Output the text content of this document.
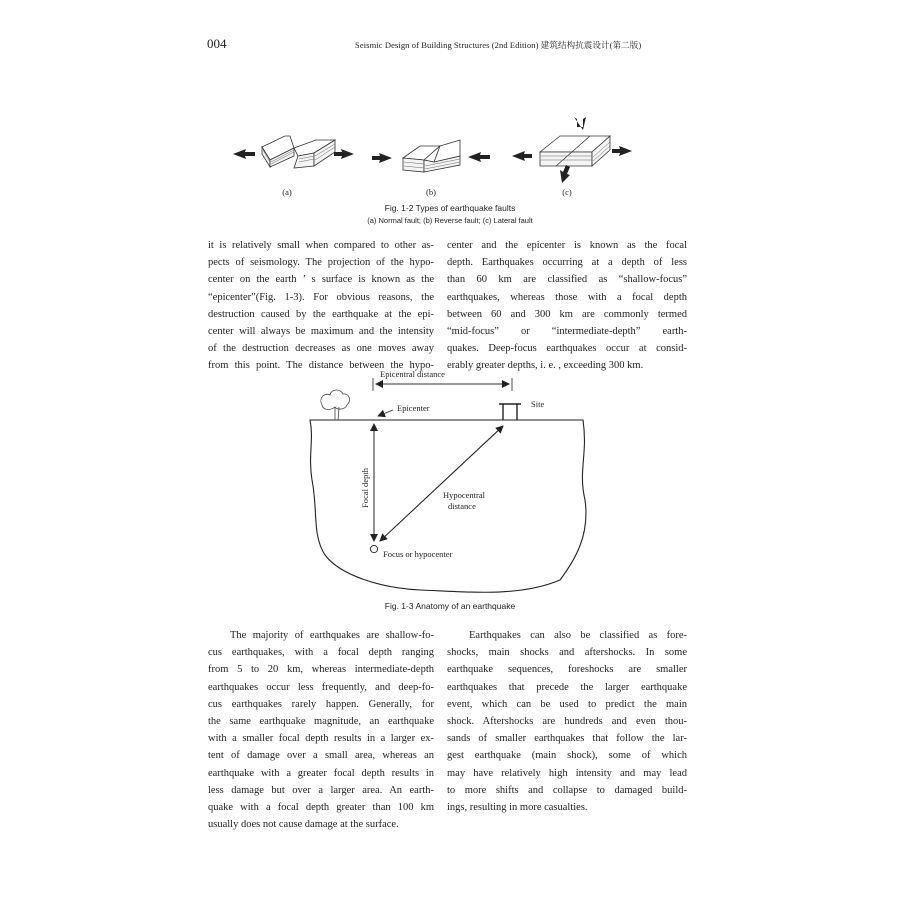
004	Seismic Design of Building Structures (2nd Edition) 建筑结构抗震设计(第二版)
(a)	(b)	(c)
Epicentral distance
Epicenter	Site
Focal depth	Hypocentral
distance
Focus or hypocenter
Fig. 1-2 Types of earthquake faults
(a) Normal fault; (b) Reverse fault; (c) Lateral fault
Fig. 1-3 Anatomy of an earthquake
it is relatively small when compared to other as-
pects of seismology. The projection of the hypo-
center on the earth ’ s surface is known as the
“epicenter”(Fig. 1-3). For obvious reasons, the
destruction caused by the earthquake at the epi-
center will always be maximum and the intensity
of the destruction decreases as one moves away
from this point. The distance between the hypo-
center and the epicenter is known as the focal
depth. Earthquakes occurring at a depth of less
than 60 km are classified as “shallow-focus”
earthquakes, whereas those with a focal depth
between 60 and 300 km are commonly termed
“mid-focus” or “intermediate-depth” earth-
quakes. Deep-focus earthquakes occur at consid-
erably greater depths, i. e. , exceeding 300 km.
The majority of earthquakes are shallow-fo-
cus earthquakes, with a focal depth ranging
from 5 to 20 km, whereas intermediate-depth
earthquakes occur less frequently, and deep-fo-
cus earthquakes rarely happen. Generally, for
the same earthquake magnitude, an earthquake
with a smaller focal depth results in a larger ex-
tent of damage over a small area, whereas an
earthquake with a greater focal depth results in
less damage but over a larger area. An earth-
quake with a focal depth greater than 100 km
usually does not cause damage at the surface.
Earthquakes can also be classified as fore-
shocks, main shocks and aftershocks. In some
earthquake sequences, foreshocks are smaller
earthquakes that precede the larger earthquake
event, which can be used to predict the main
shock. Aftershocks are hundreds and even thou-
sands of smaller earthquakes that follow the lar-
gest earthquake (main shock), some of which
may have relatively high intensity and may lead
to more shifts and collapse to damaged build-
ings, resulting in more casualties.
